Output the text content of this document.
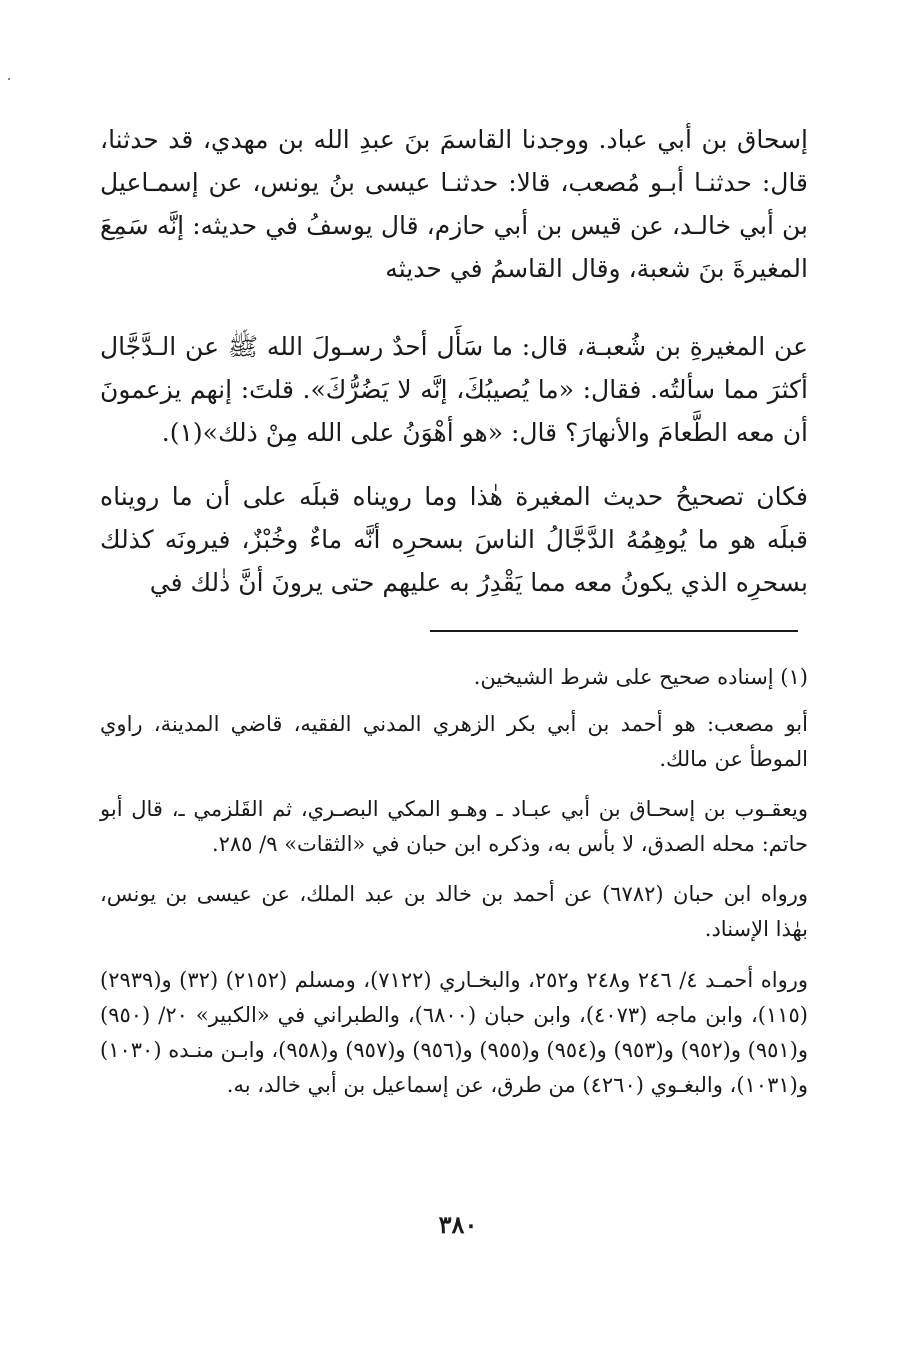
إسحاق بن أبي عباد. ووجدنا القاسمَ بنَ عبدِ الله بن مهدي، قد حدثنا، قال: حدثنـا أبـو مُصعب، قالا: حدثنـا عيسى بنُ يونس، عن إسمـاعيل بن أبي خالـد، عن قيس بن أبي حازم، قال يوسفُ في حديثه: إنَّه سَمِعَ المغيرةَ بنَ شعبة، وقال القاسمُ في حديثه

عن المغيرةِ بن شُعبـة، قال: ما سَأَل أحدٌ رسـولَ الله ﷺ عن الـدَّجَّال أكثرَ مما سألتُه. فقال: «ما يُصيبُكَ، إنَّه لا يَضُرُّكَ». قلتَ: إنهم يزعمونَ أن معه الطَّعامَ والأنهارَ؟ قال: «هو أهْوَنُ على الله مِنْ ذلك»(١).

فكان تصحيحُ حديث المغيرة هٰذا وما رويناه قبلَه على أن ما رويناه قبلَه هو ما يُوهِمُهُ الدَّجَّالُ الناسَ بسحرِه أنَّه ماءٌ وخُبْزٌ، فيرونَه كذلك بسحرِه الذي يكونُ معه مما يَقْدِرُ به عليهم حتى يرونَ أنَّ ذٰلك في

(١) إسناده صحيح على شرط الشيخين.

أبو مصعب: هو أحمد بن أبي بكر الزهري المدني الفقيه، قاضي المدينة، راوي الموطأ عن مالك.

ويعقـوب بن إسحـاق بن أبي عبـاد ـ وهـو المكي البصـري، ثم القَلزمي ـ، قال أبو حاتم: محله الصدق، لا بأس به، وذكره ابن حبان في «الثقات» ٩/ ٢٨٥.

ورواه ابن حبان (٦٧٨٢) عن أحمد بن خالد بن عبد الملك، عن عيسى بن يونس، بهٰذا الإسناد.

ورواه أحمـد ٤/ ٢٤٦ و٢٤٨ و٢٥٢، والبخـاري (٧١٢٢)، ومسلم (٢١٥٢) (٣٢) و(٢٩٣٩) (١١٥)، وابن ماجه (٤٠٧٣)، وابن حبان (٦٨٠٠)، والطبراني في «الكبير» ٢٠/ (٩٥٠) و(٩٥١) و(٩٥٢) و(٩٥٣) و(٩٥٤) و(٩٥٥) و(٩٥٦) و(٩٥٧) و(٩٥٨)، وابـن منـده (١٠٣٠) و(١٠٣١)، والبغـوي (٤٢٦٠) من طرق، عن إسماعيل بن أبي خالد، به.

٣٨٠
